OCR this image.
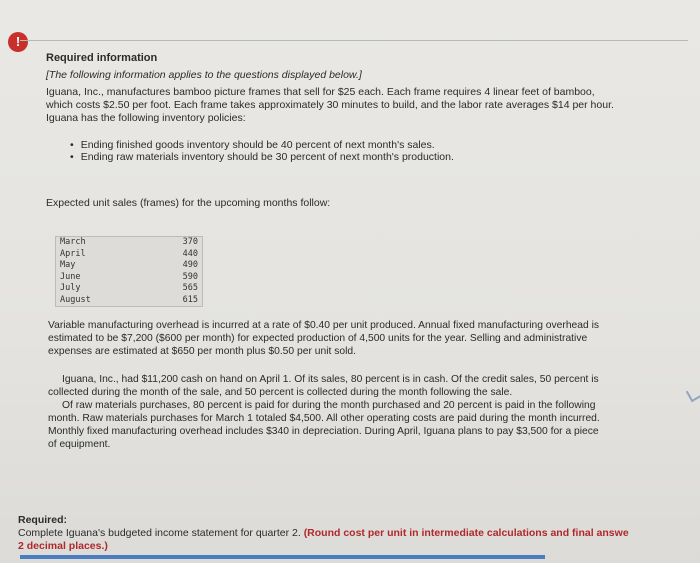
!
Required information
[The following information applies to the questions displayed below.]
Iguana, Inc., manufactures bamboo picture frames that sell for $25 each. Each frame requires 4 linear feet of bamboo,
which costs $2.50 per foot. Each frame takes approximately 30 minutes to build, and the labor rate averages $14 per hour.
Iguana has the following inventory policies:
• Ending finished goods inventory should be 40 percent of next month's sales.
• Ending raw materials inventory should be 30 percent of next month's production.
Expected unit sales (frames) for the upcoming months follow:
March	370
April	440
May	490
June	590
July	565
August	615
Variable manufacturing overhead is incurred at a rate of $0.40 per unit produced. Annual fixed manufacturing overhead is
estimated to be $7,200 ($600 per month) for expected production of 4,500 units for the year. Selling and administrative
expenses are estimated at $650 per month plus $0.50 per unit sold.
Iguana, Inc., had $11,200 cash on hand on April 1. Of its sales, 80 percent is in cash. Of the credit sales, 50 percent is
collected during the month of the sale, and 50 percent is collected during the month following the sale.
Of raw materials purchases, 80 percent is paid for during the month purchased and 20 percent is paid in the following
month. Raw materials purchases for March 1 totaled $4,500. All other operating costs are paid during the month incurred.
Monthly fixed manufacturing overhead includes $340 in depreciation. During April, Iguana plans to pay $3,500 for a piece
of equipment.
Required:
Complete Iguana's budgeted income statement for quarter 2. (Round cost per unit in intermediate calculations and final answe
2 decimal places.)
